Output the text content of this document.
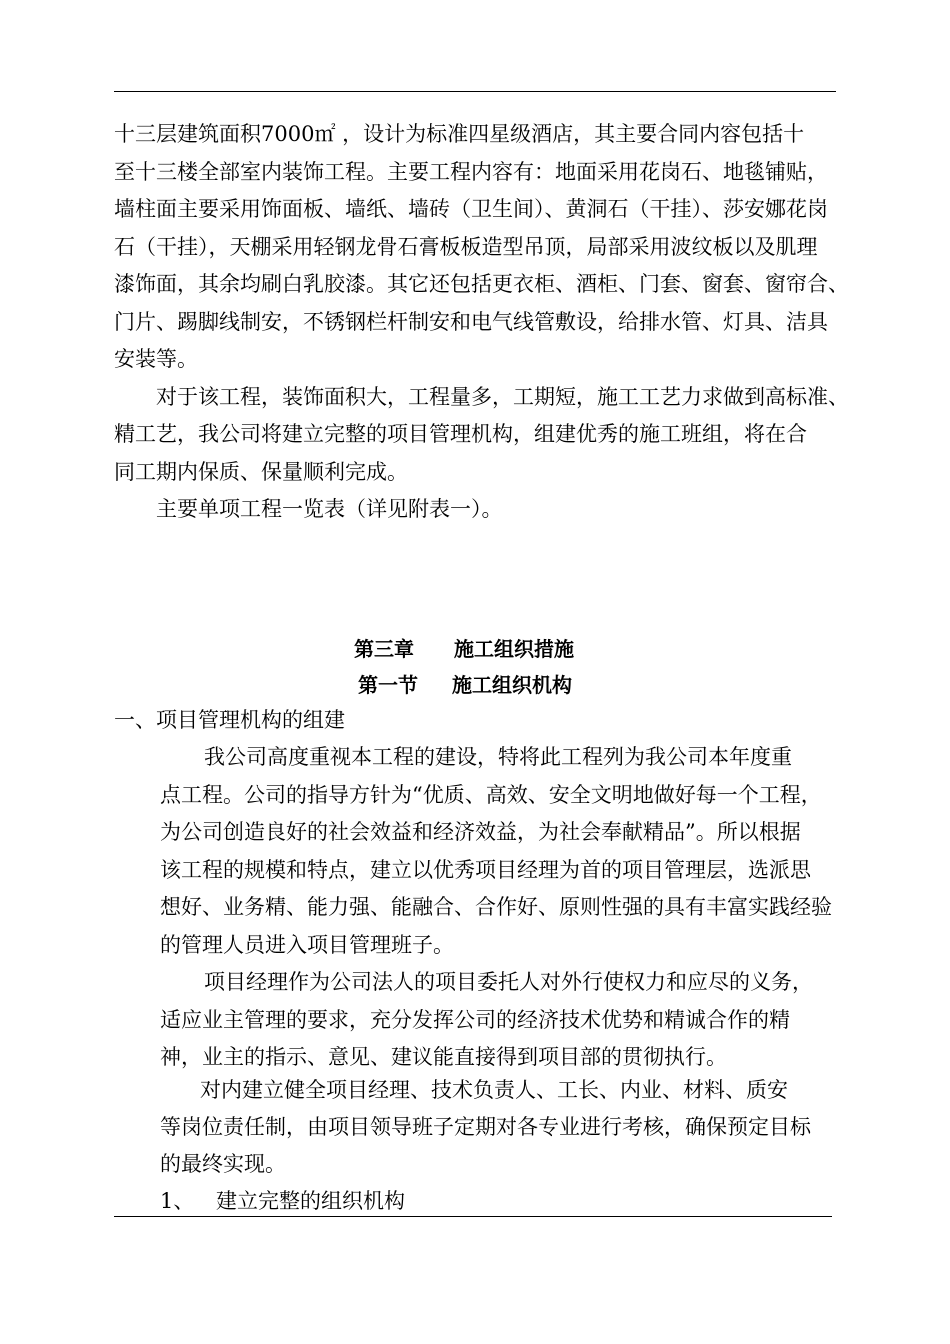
十三层建筑面积7000㎡ ，设计为标准四星级酒店，其主要合同内容包括十
至十三楼全部室内装饰工程。主要工程内容有：地面采用花岗石、地毯铺贴，
墙柱面主要采用饰面板、墙纸、墙砖（卫生间）、黄洞石（干挂）、莎安娜花岗
石（干挂），天棚采用轻钢龙骨石膏板板造型吊顶，局部采用波纹板以及肌理
漆饰面，其余均刷白乳胶漆。其它还包括更衣柜、酒柜、门套、窗套、窗帘合、
门片、踢脚线制安，不锈钢栏杆制安和电气线管敷设，给排水管、灯具、洁具
安装等。
对于该工程，装饰面积大，工程量多，工期短，施工工艺力求做到高标准、
精工艺，我公司将建立完整的项目管理机构，组建优秀的施工班组，将在合
同工期内保质、保量顺利完成。
主要单项工程一览表（详见附表一）。
第三章 施工组织措施
第一节 施工组织机构
一、项目管理机构的组建
我公司高度重视本工程的建设，特将此工程列为我公司本年度重
点工程。公司的指导方针为“优质、高效、安全文明地做好每一个工程，
为公司创造良好的社会效益和经济效益，为社会奉献精品”。所以根据
该工程的规模和特点，建立以优秀项目经理为首的项目管理层，选派思
想好、业务精、能力强、能融合、合作好、原则性强的具有丰富实践经验
的管理人员进入项目管理班子。
项目经理作为公司法人的项目委托人对外行使权力和应尽的义务，
适应业主管理的要求，充分发挥公司的经济技术优势和精诚合作的精
神，业主的指示、意见、建议能直接得到项目部的贯彻执行。
对内建立健全项目经理、技术负责人、工长、内业、材料、质安
等岗位责任制，由项目领导班子定期对各专业进行考核，确保预定目标
的最终实现。
1、 建立完整的组织机构
